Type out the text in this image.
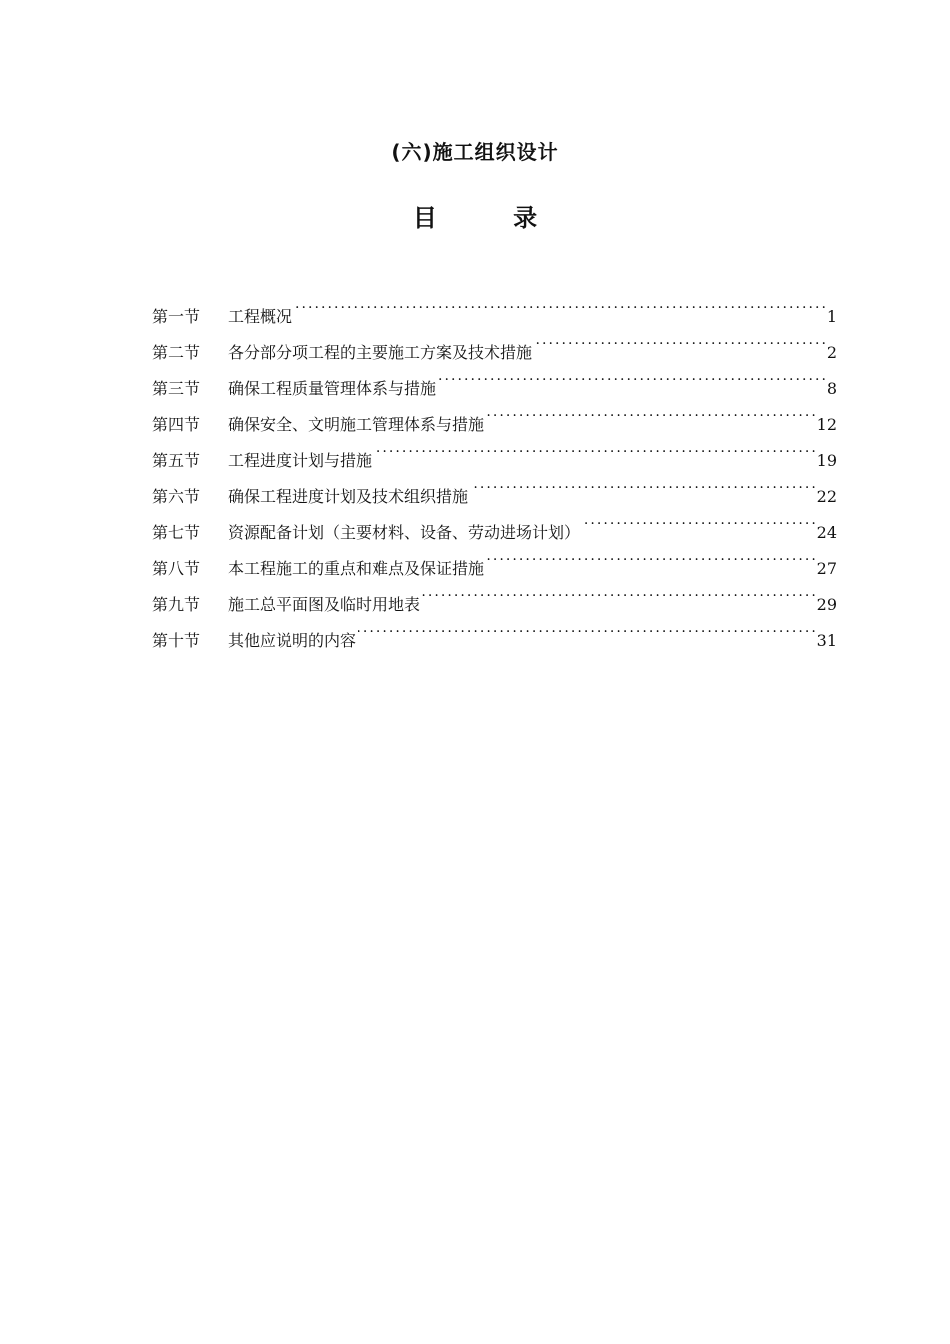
(六)施工组织设计
目 录
第一节	工程概况 . . .	1
第二节	各分部分项工程的主要施工方案及技术措施 . . .	2
第三节	确保工程质量管理体系与措施 . . .	8
第四节	确保安全、文明施工管理体系与措施 . . .	12
第五节	工程进度计划与措施 . . .	19
第六节	确保工程进度计划及技术组织措施 . . .	22
第七节	资源配备计划（主要材料、设备、劳动进场计划） . . .	24
第八节	本工程施工的重点和难点及保证措施 . . .	27
第九节	施工总平面图及临时用地表 . . .	29
第十节	其他应说明的内容 . . .	31
